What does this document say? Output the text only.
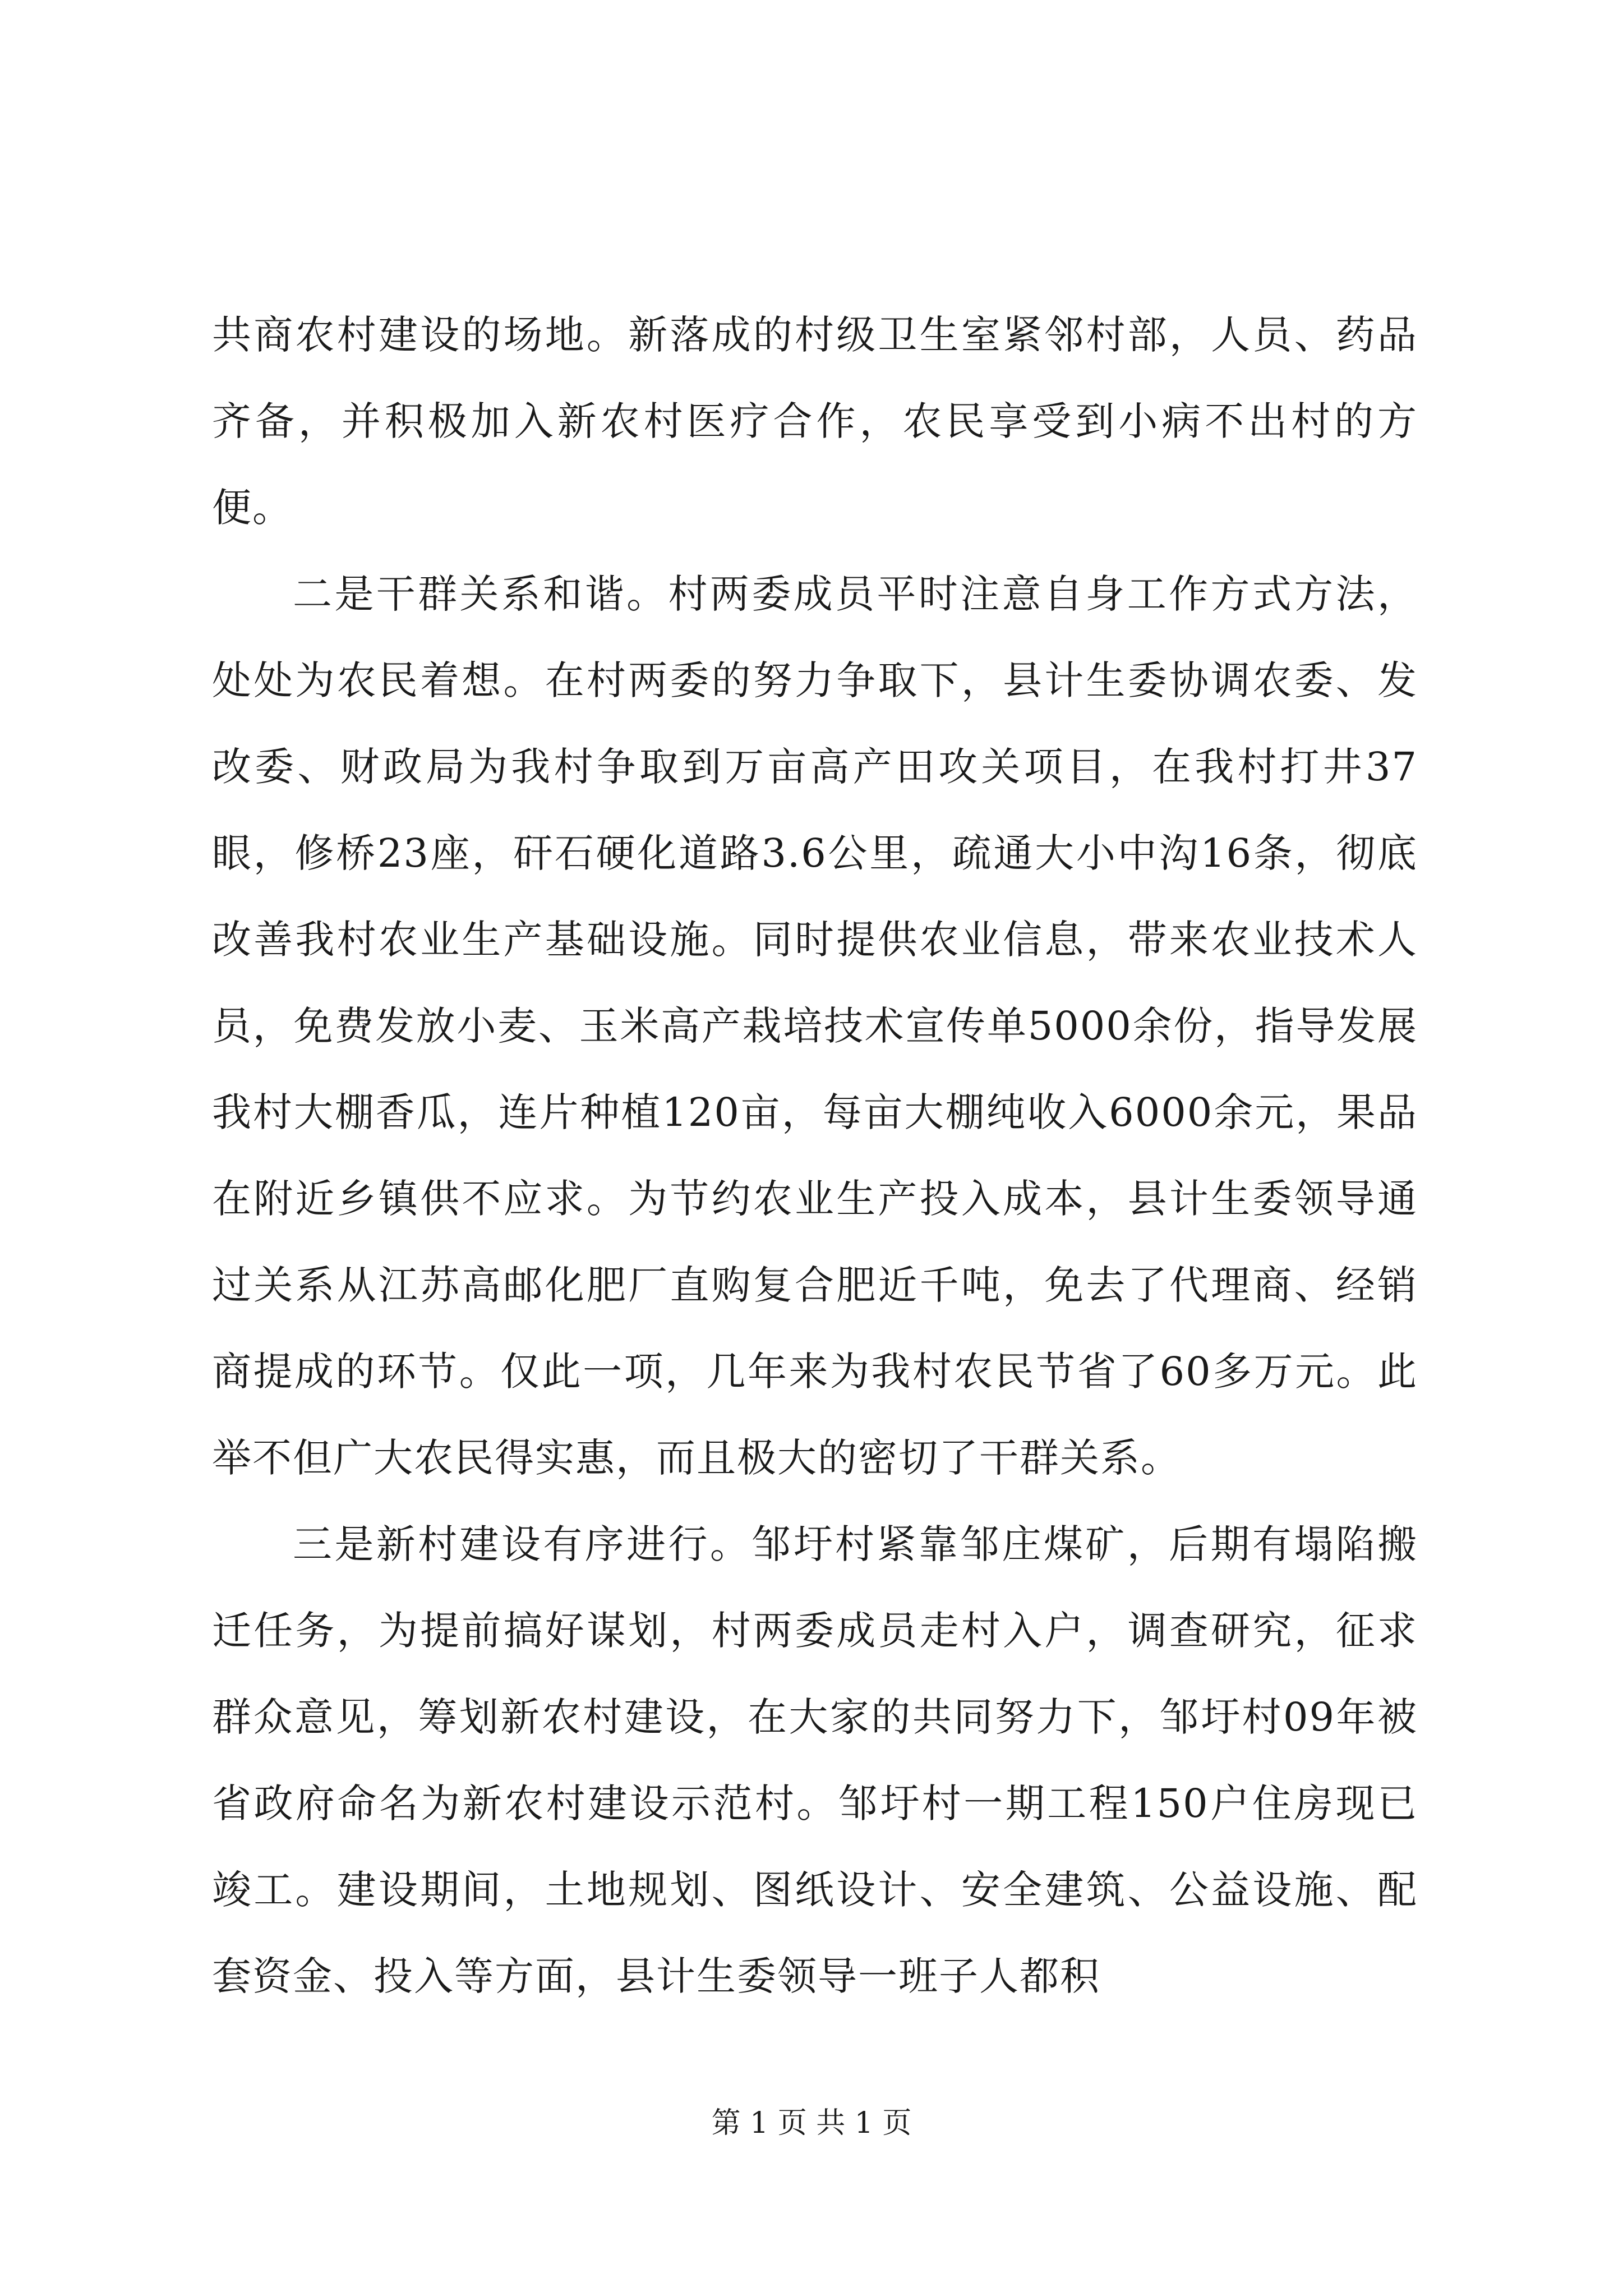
共商农村建设的场地。新落成的村级卫生室紧邻村部，人员、药品齐备，并积极加入新农村医疗合作，农民享受到小病不出村的方便。

二是干群关系和谐。村两委成员平时注意自身工作方式方法，处处为农民着想。在村两委的努力争取下，县计生委协调农委、发改委、财政局为我村争取到万亩高产田攻关项目，在我村打井37眼，修桥23座，矸石硬化道路3.6公里，疏通大小中沟16条，彻底改善我村农业生产基础设施。同时提供农业信息，带来农业技术人员，免费发放小麦、玉米高产栽培技术宣传单5000余份，指导发展我村大棚香瓜，连片种植120亩，每亩大棚纯收入6000余元，果品在附近乡镇供不应求。为节约农业生产投入成本，县计生委领导通过关系从江苏高邮化肥厂直购复合肥近千吨，免去了代理商、经销商提成的环节。仅此一项，几年来为我村农民节省了60多万元。此举不但广大农民得实惠，而且极大的密切了干群关系。

三是新村建设有序进行。邹圩村紧靠邹庄煤矿，后期有塌陷搬迁任务，为提前搞好谋划，村两委成员走村入户，调查研究，征求群众意见，筹划新农村建设，在大家的共同努力下，邹圩村09年被省政府命名为新农村建设示范村。邹圩村一期工程150户住房现已竣工。建设期间，土地规划、图纸设计、安全建筑、公益设施、配套资金、投入等方面，县计生委领导一班子人都积

第 1 页 共 1 页
